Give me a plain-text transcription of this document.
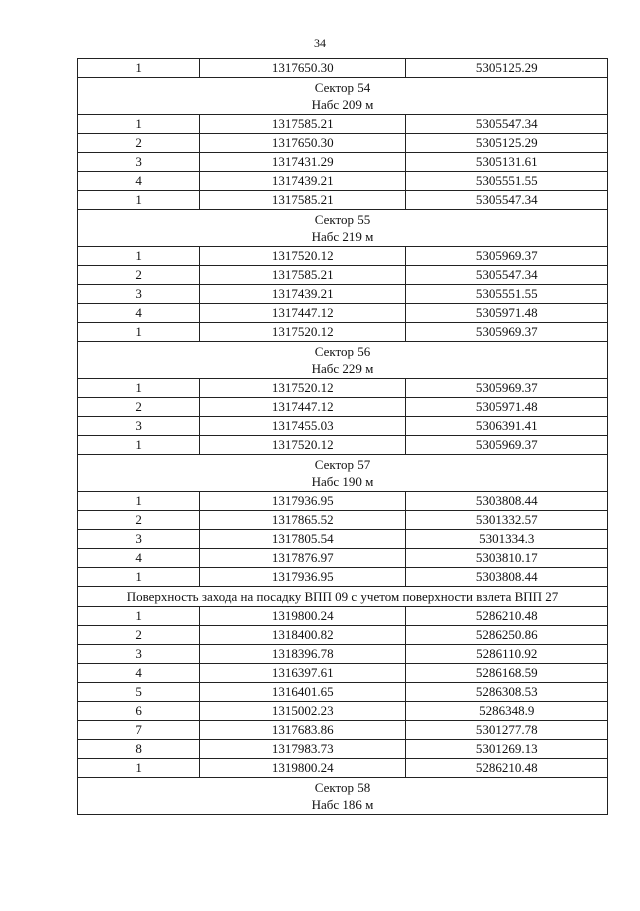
34
1	1317650.30	5305125.29

Сектор 54
Набс 209 м		

1	1317585.21	5305547.34
2	1317650.30	5305125.29
3	1317431.29	5305131.61
4	1317439.21	5305551.55
1	1317585.21	5305547.34

Сектор 55
Набс 219 м		

1	1317520.12	5305969.37
2	1317585.21	5305547.34
3	1317439.21	5305551.55
4	1317447.12	5305971.48
1	1317520.12	5305969.37

Сектор 56
Набс 229 м		

1	1317520.12	5305969.37
2	1317447.12	5305971.48
3	1317455.03	5306391.41
1	1317520.12	5305969.37

Сектор 57
Набс 190 м		

1	1317936.95	5303808.44
2	1317865.52	5301332.57
3	1317805.54	5301334.3
4	1317876.97	5303810.17
1	1317936.95	5303808.44

Поверхность захода на посадку ВПП 09 с учетом поверхности взлета ВПП 27		

1	1319800.24	5286210.48
2	1318400.82	5286250.86
3	1318396.78	5286110.92
4	1316397.61	5286168.59
5	1316401.65	5286308.53
6	1315002.23	5286348.9
7	1317683.86	5301277.78
8	1317983.73	5301269.13
1	1319800.24	5286210.48

Сектор 58
Набс 186 м		
